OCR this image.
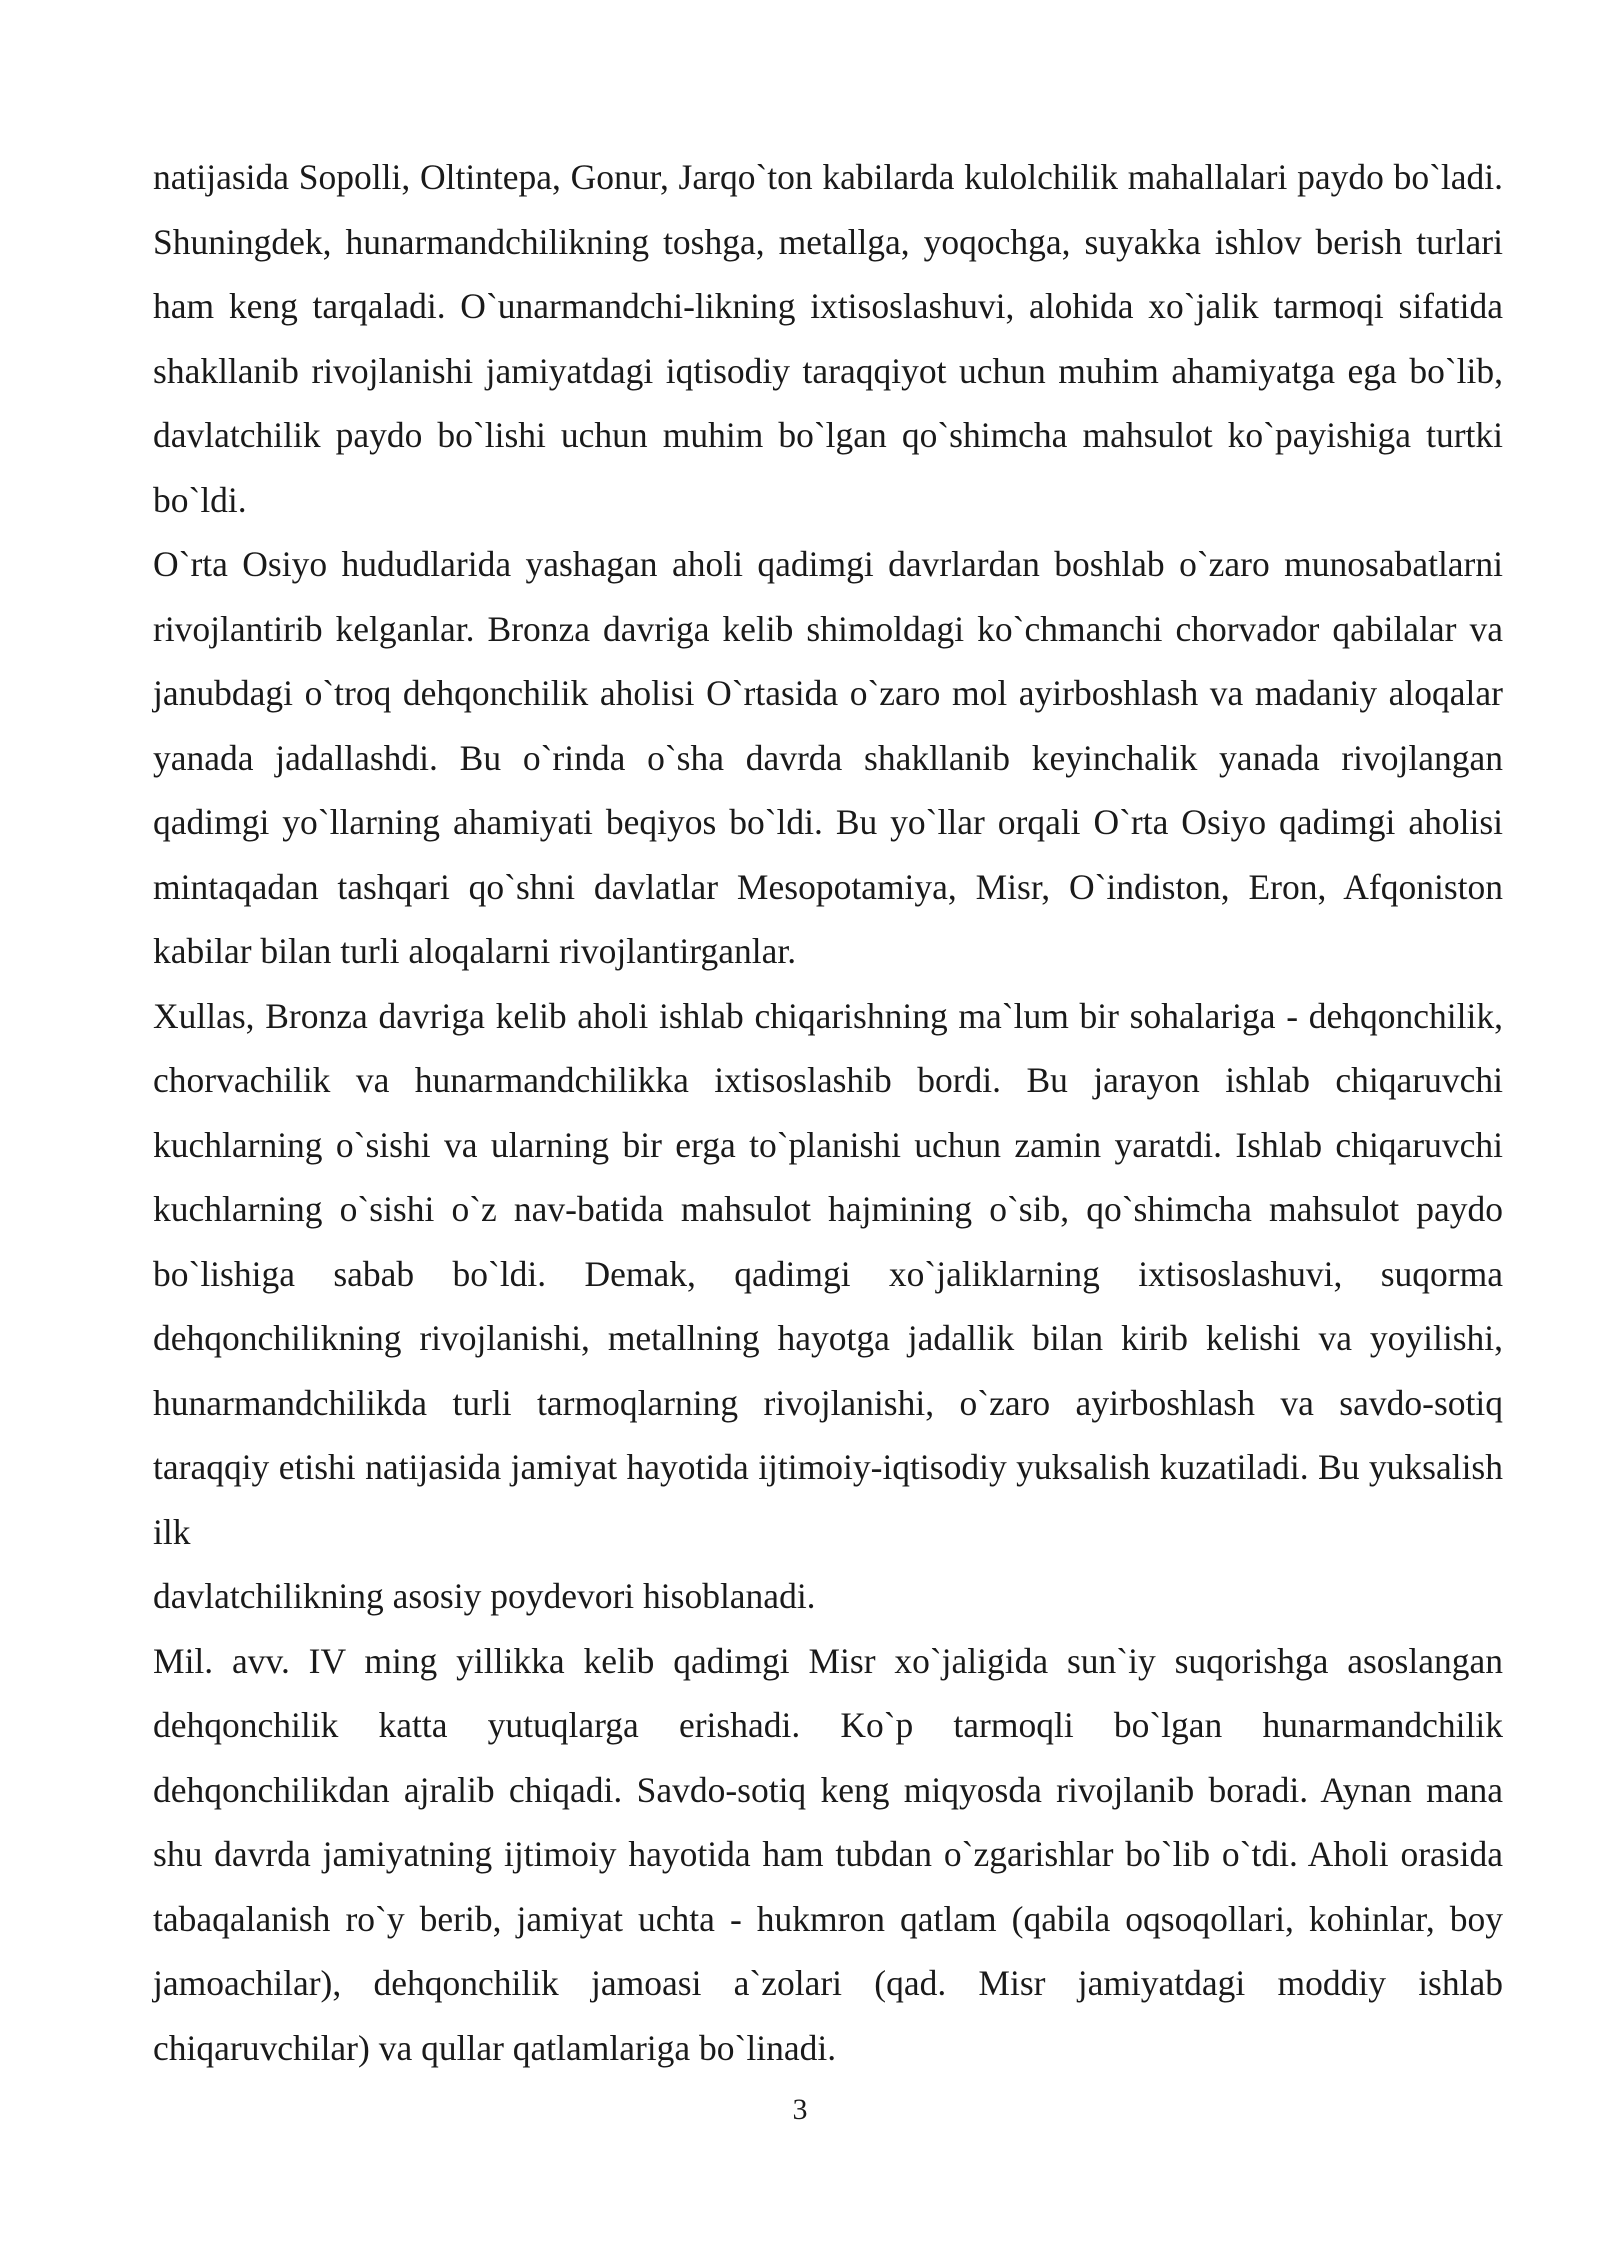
natijasida Sopolli, Oltintepa, Gonur, Jarqo`ton kabilarda kulolchilik mahallalari paydo bo`ladi. Shuningdek, hunarmandchilikning toshga, metallga, yoqochga, suyakka ishlov berish turlari ham keng tarqaladi. O`unarmandchi-likning ixtisoslashuvi, alohida xo`jalik tarmoqi sifatida shakllanib rivojlanishi jamiyatdagi iqtisodiy taraqqiyot uchun muhim ahamiyatga ega bo`lib, davlatchilik paydo bo`lishi uchun muhim bo`lgan qo`shimcha mahsulot ko`payishiga turtki bo`ldi.

O`rta Osiyo hududlarida yashagan aholi qadimgi davrlardan boshlab o`zaro munosabatlarni rivojlantirib kelganlar. Bronza davriga kelib shimoldagi ko`chmanchi chorvador qabilalar va janubdagi o`troq dehqonchilik aholisi O`rtasida o`zaro mol ayirboshlash va madaniy aloqalar yanada jadallashdi. Bu o`rinda o`sha davrda shakllanib keyinchalik yanada rivojlangan qadimgi yo`llarning ahamiyati beqiyos bo`ldi. Bu yo`llar orqali O`rta Osiyo qadimgi aholisi mintaqadan tashqari qo`shni davlatlar Mesopotamiya, Misr, O`indiston, Eron, Afqoniston kabilar bilan turli aloqalarni rivojlantirganlar.

Xullas, Bronza davriga kelib aholi ishlab chiqarishning ma`lum bir sohalariga - dehqonchilik, chorvachilik va hunarmandchilikka ixtisoslashib bordi. Bu jarayon ishlab chiqaruvchi kuchlarning o`sishi va ularning bir erga to`planishi uchun zamin yaratdi. Ishlab chiqaruvchi kuchlarning o`sishi o`z nav-batida mahsulot hajmining o`sib, qo`shimcha mahsulot paydo bo`lishiga sabab bo`ldi. Demak, qadimgi xo`jaliklarning ixtisoslashuvi, suqorma dehqonchilikning rivojlanishi, metallning hayotga jadallik bilan kirib kelishi va yoyilishi, hunarmandchilikda turli tarmoqlarning rivojlanishi, o`zaro ayirboshlash va savdo-sotiq taraqqiy etishi natijasida jamiyat hayotida ijtimoiy-iqtisodiy yuksalish kuzatiladi. Bu yuksalish ilk

davlatchilikning asosiy poydevori hisoblanadi.

Mil. avv. IV ming yillikka kelib qadimgi Misr xo`jaligida sun`iy suqorishga asoslangan dehqonchilik katta yutuqlarga erishadi. Ko`p tarmoqli bo`lgan hunarmandchilik dehqonchilikdan ajralib chiqadi. Savdo-sotiq keng miqyosda rivojlanib boradi. Aynan mana shu davrda jamiyatning ijtimoiy hayotida ham tubdan o`zgarishlar bo`lib o`tdi. Aholi orasida tabaqalanish ro`y berib, jamiyat uchta - hukmron qatlam (qabila oqsoqollari, kohinlar, boy jamoachilar), dehqonchilik jamoasi a`zolari (qad. Misr jamiyatdagi moddiy ishlab chiqaruvchilar) va qullar qatlamlariga bo`linadi.

3
